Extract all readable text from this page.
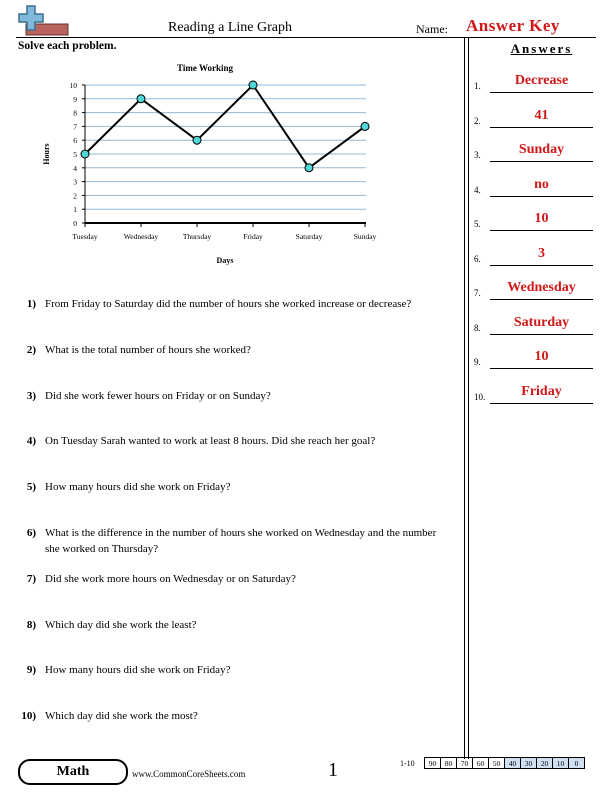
Reading a Line Graph	Name: Answer Key
Solve each problem.
Time Working
0
1
2
3
4
5
6
7
8
9
10
Tuesday	Wednesday	Thursday	Friday	Saturday	Sunday
Hours
Days
1) From Friday to Saturday did the number of hours she worked increase or decrease?
2) What is the total number of hours she worked?
3) Did she work fewer hours on Friday or on Sunday?
4) On Tuesday Sarah wanted to work at least 8 hours. Did she reach her goal?
5) How many hours did she work on Friday?
6) What is the difference in the number of hours she worked on Wednesday and the number she worked on Thursday?
7) Did she work more hours on Wednesday or on Saturday?
8) Which day did she work the least?
9) How many hours did she work on Friday?
10) Which day did she work the most?
Answers
1.	Decrease
2.	41
3.	Sunday
4.	no
5.	10
6.	3
7.	Wednesday
8.	Saturday
9.	10
10.	Friday
Math	www.CommonCoreSheets.com	1	1-10 90	80	70	60	50	40	30	20	10	0
